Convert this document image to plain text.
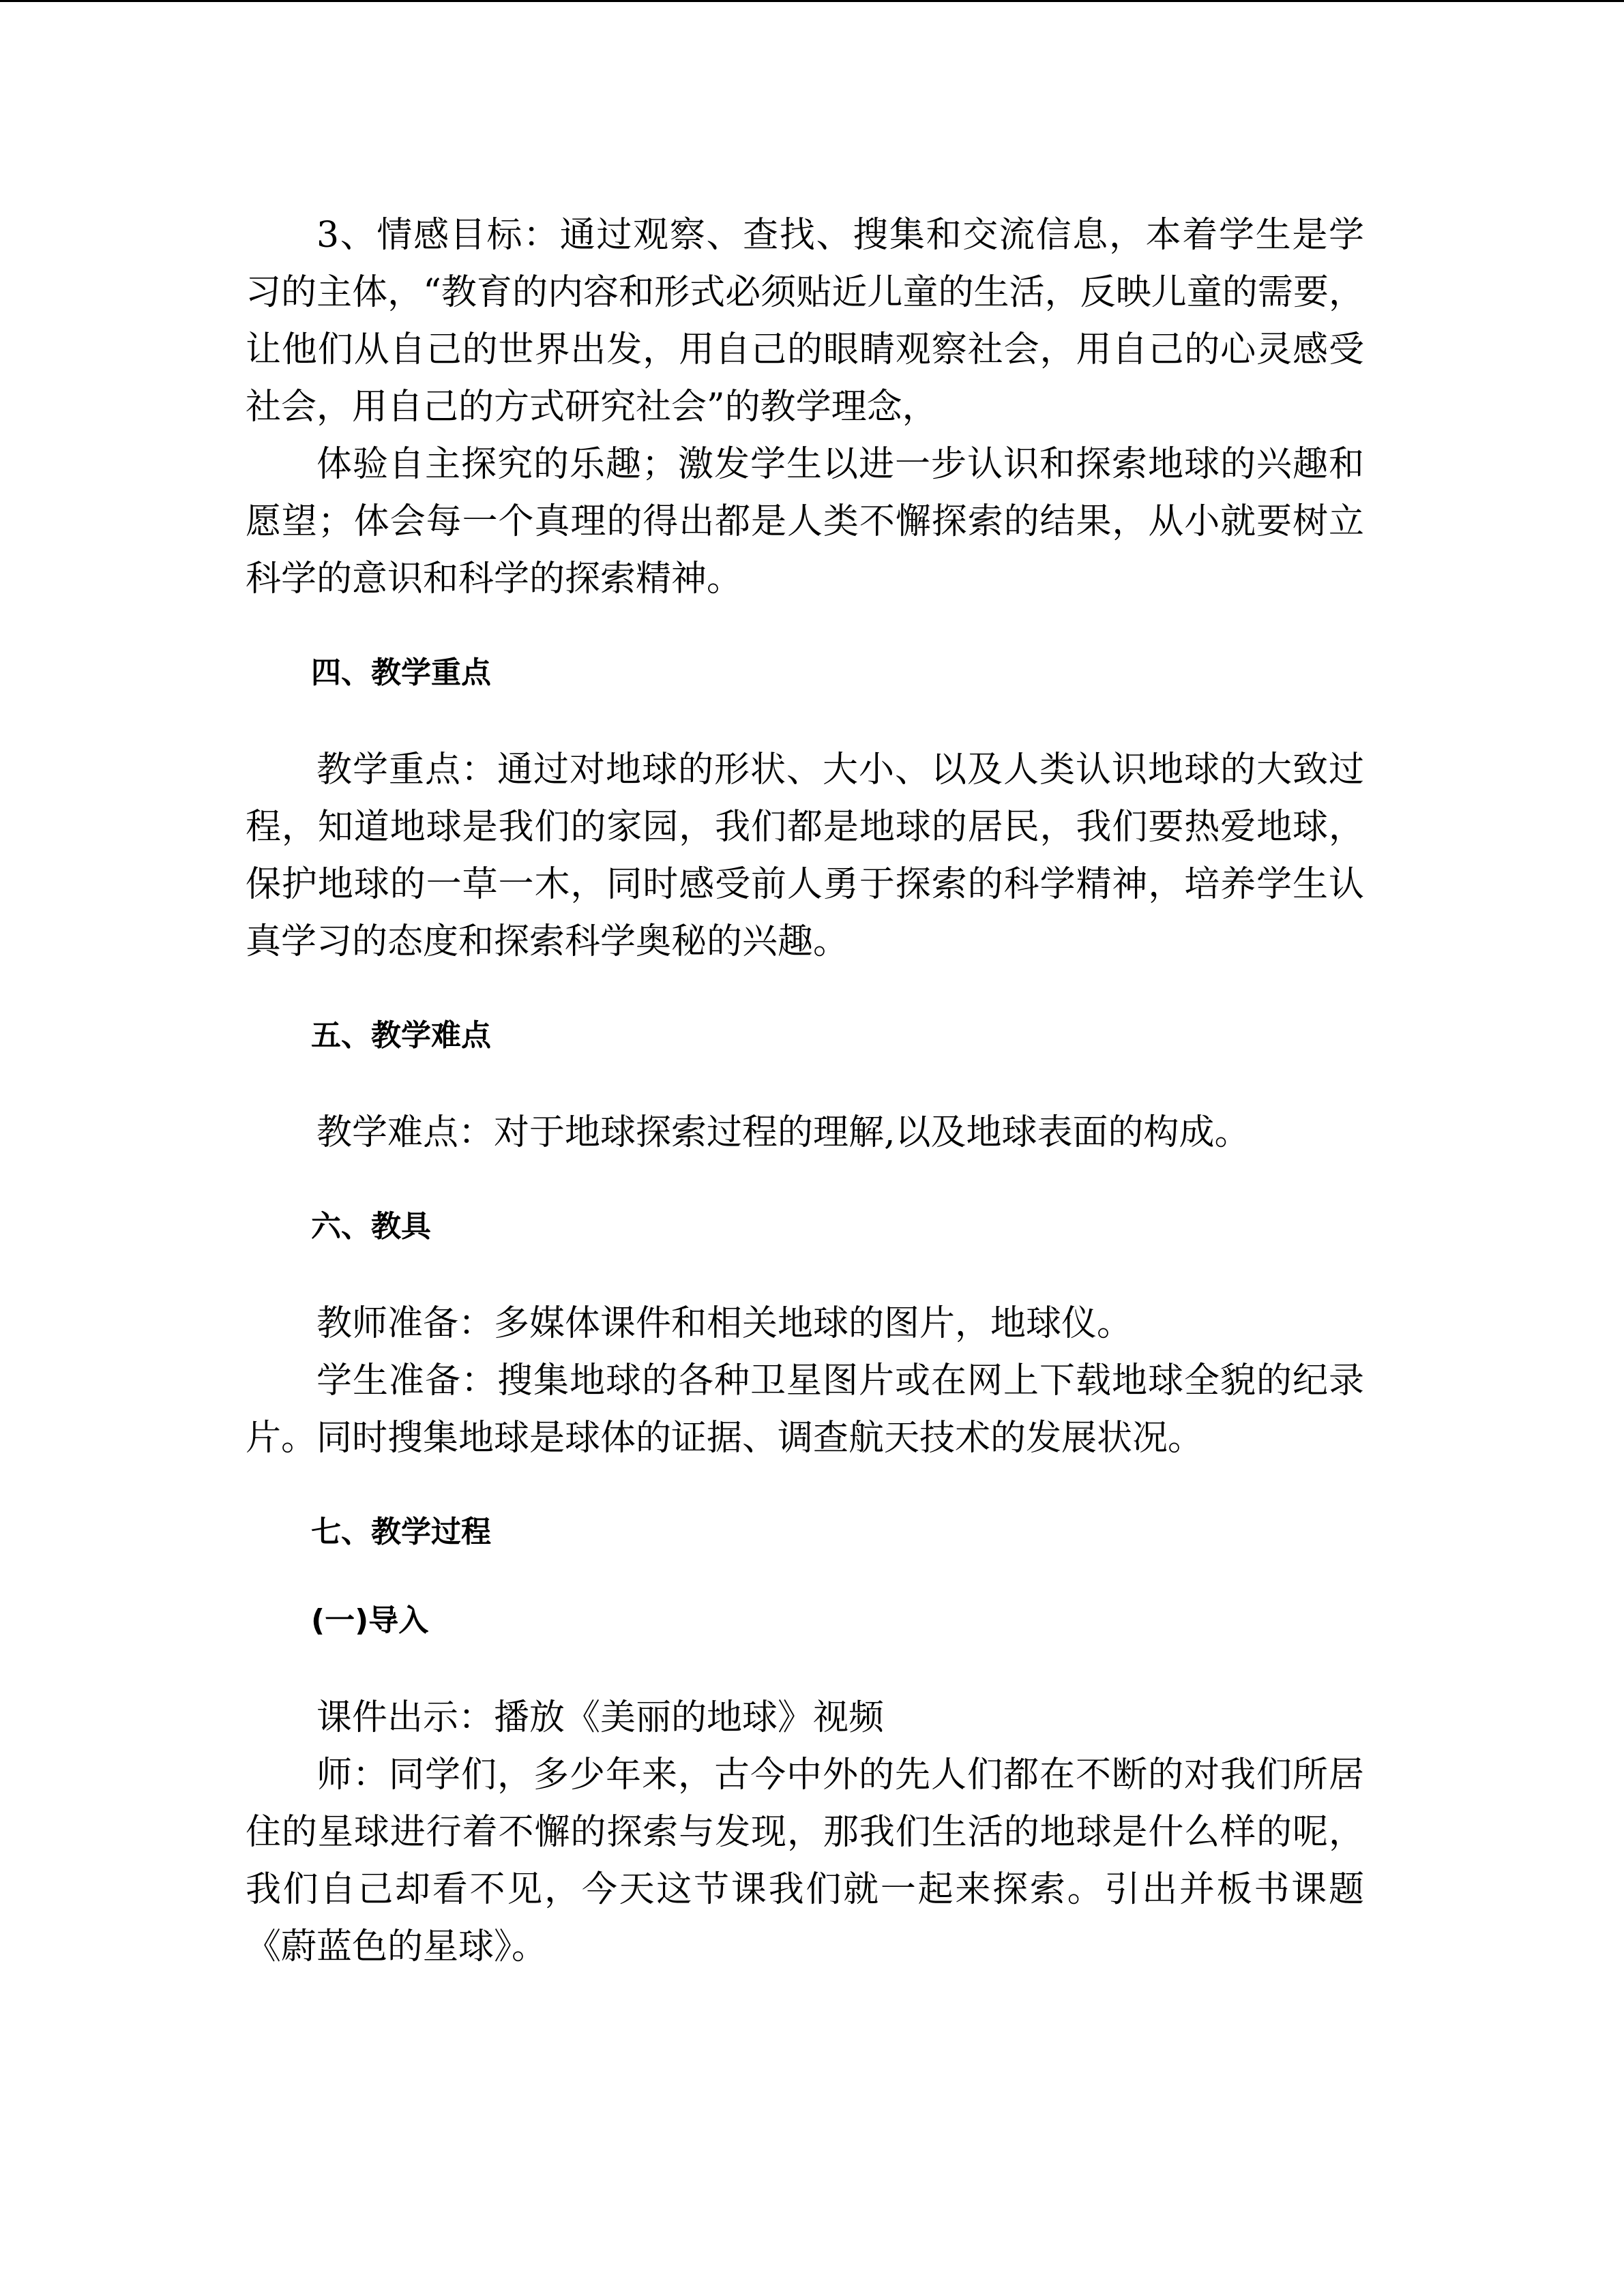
3、情感目标：通过观察、查找、搜集和交流信息，本着学生是学习的主体，“教育的内容和形式必须贴近儿童的生活，反映儿童的需要，让他们从自己的世界出发，用自己的眼睛观察社会，用自己的心灵感受社会，用自己的方式研究社会”的教学理念，

体验自主探究的乐趣；激发学生以进一步认识和探索地球的兴趣和愿望；体会每一个真理的得出都是人类不懈探索的结果，从小就要树立科学的意识和科学的探索精神。

四、教学重点

教学重点：通过对地球的形状、大小、以及人类认识地球的大致过程，知道地球是我们的家园，我们都是地球的居民，我们要热爱地球，保护地球的一草一木，同时感受前人勇于探索的科学精神，培养学生认真学习的态度和探索科学奥秘的兴趣。

五、教学难点

教学难点：对于地球探索过程的理解,以及地球表面的构成。

六、教具

教师准备：多媒体课件和相关地球的图片，地球仪。

学生准备：搜集地球的各种卫星图片或在网上下载地球全貌的纪录片。同时搜集地球是球体的证据、调查航天技术的发展状况。

七、教学过程

(一)导入

课件出示：播放《美丽的地球》视频

师：同学们，多少年来，古今中外的先人们都在不断的对我们所居住的星球进行着不懈的探索与发现，那我们生活的地球是什么样的呢，我们自己却看不见，今天这节课我们就一起来探索。引出并板书课题《蔚蓝色的星球》。
